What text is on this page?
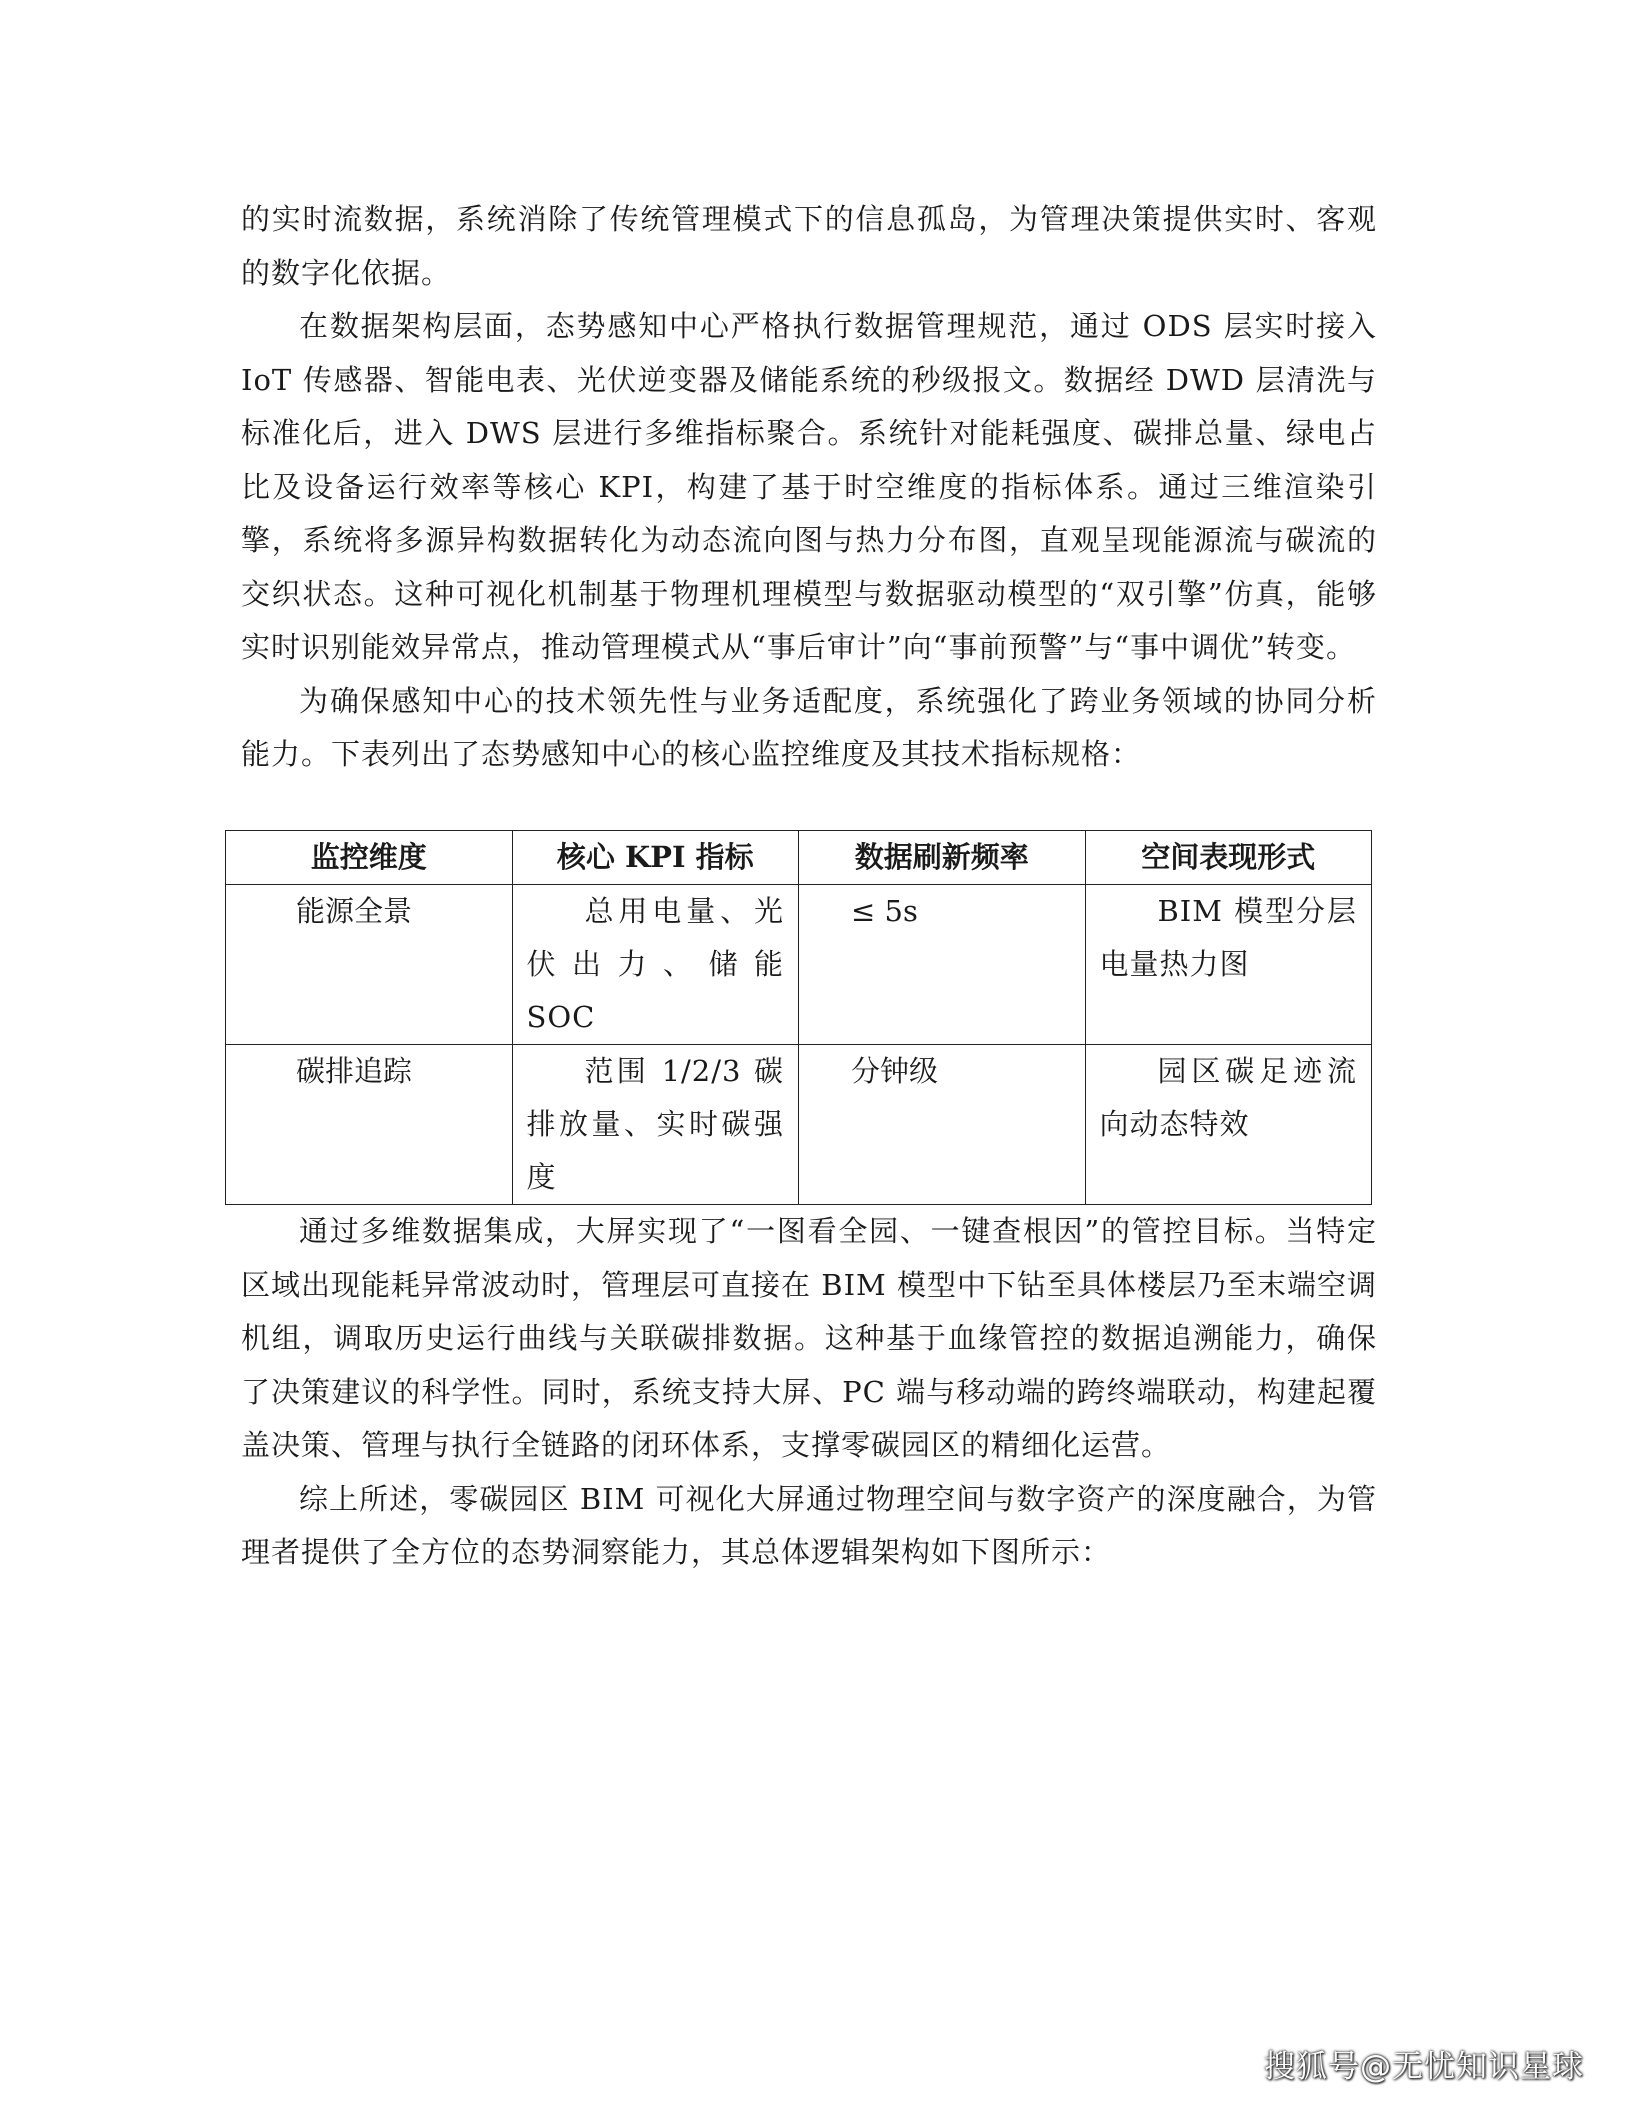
的实时流数据，系统消除了传统管理模式下的信息孤岛，为管理决策提供实时、客观的数字化依据。

在数据架构层面，态势感知中心严格执行数据管理规范，通过 ODS 层实时接入 IoT 传感器、智能电表、光伏逆变器及储能系统的秒级报文。数据经 DWD 层清洗与标准化后，进入 DWS 层进行多维指标聚合。系统针对能耗强度、碳排总量、绿电占比及设备运行效率等核心 KPI，构建了基于时空维度的指标体系。通过三维渲染引擎，系统将多源异构数据转化为动态流向图与热力分布图，直观呈现能源流与碳流的交织状态。这种可视化机制基于物理机理模型与数据驱动模型的“双引擎”仿真，能够实时识别能效异常点，推动管理模式从“事后审计”向“事前预警”与“事中调优”转变。

为确保感知中心的技术领先性与业务适配度，系统强化了跨业务领域的协同分析能力。下表列出了态势感知中心的核心监控维度及其技术指标规格：

监控维度	核心 KPI 指标	数据刷新频率	空间表现形式
能源全景	总用电量、光伏出力、储能 SOC	≤ 5s	BIM 模型分层电量热力图
碳排追踪	范围 1/2/3 碳排放量、实时碳强度	分钟级	园区碳足迹流向动态特效

通过多维数据集成，大屏实现了“一图看全园、一键查根因”的管控目标。当特定区域出现能耗异常波动时，管理层可直接在 BIM 模型中下钻至具体楼层乃至末端空调机组，调取历史运行曲线与关联碳排数据。这种基于血缘管控的数据追溯能力，确保了决策建议的科学性。同时，系统支持大屏、PC 端与移动端的跨终端联动，构建起覆盖决策、管理与执行全链路的闭环体系，支撑零碳园区的精细化运营。

综上所述，零碳园区 BIM 可视化大屏通过物理空间与数字资产的深度融合，为管理者提供了全方位的态势洞察能力，其总体逻辑架构如下图所示：

搜狐号@无忧知识星球
